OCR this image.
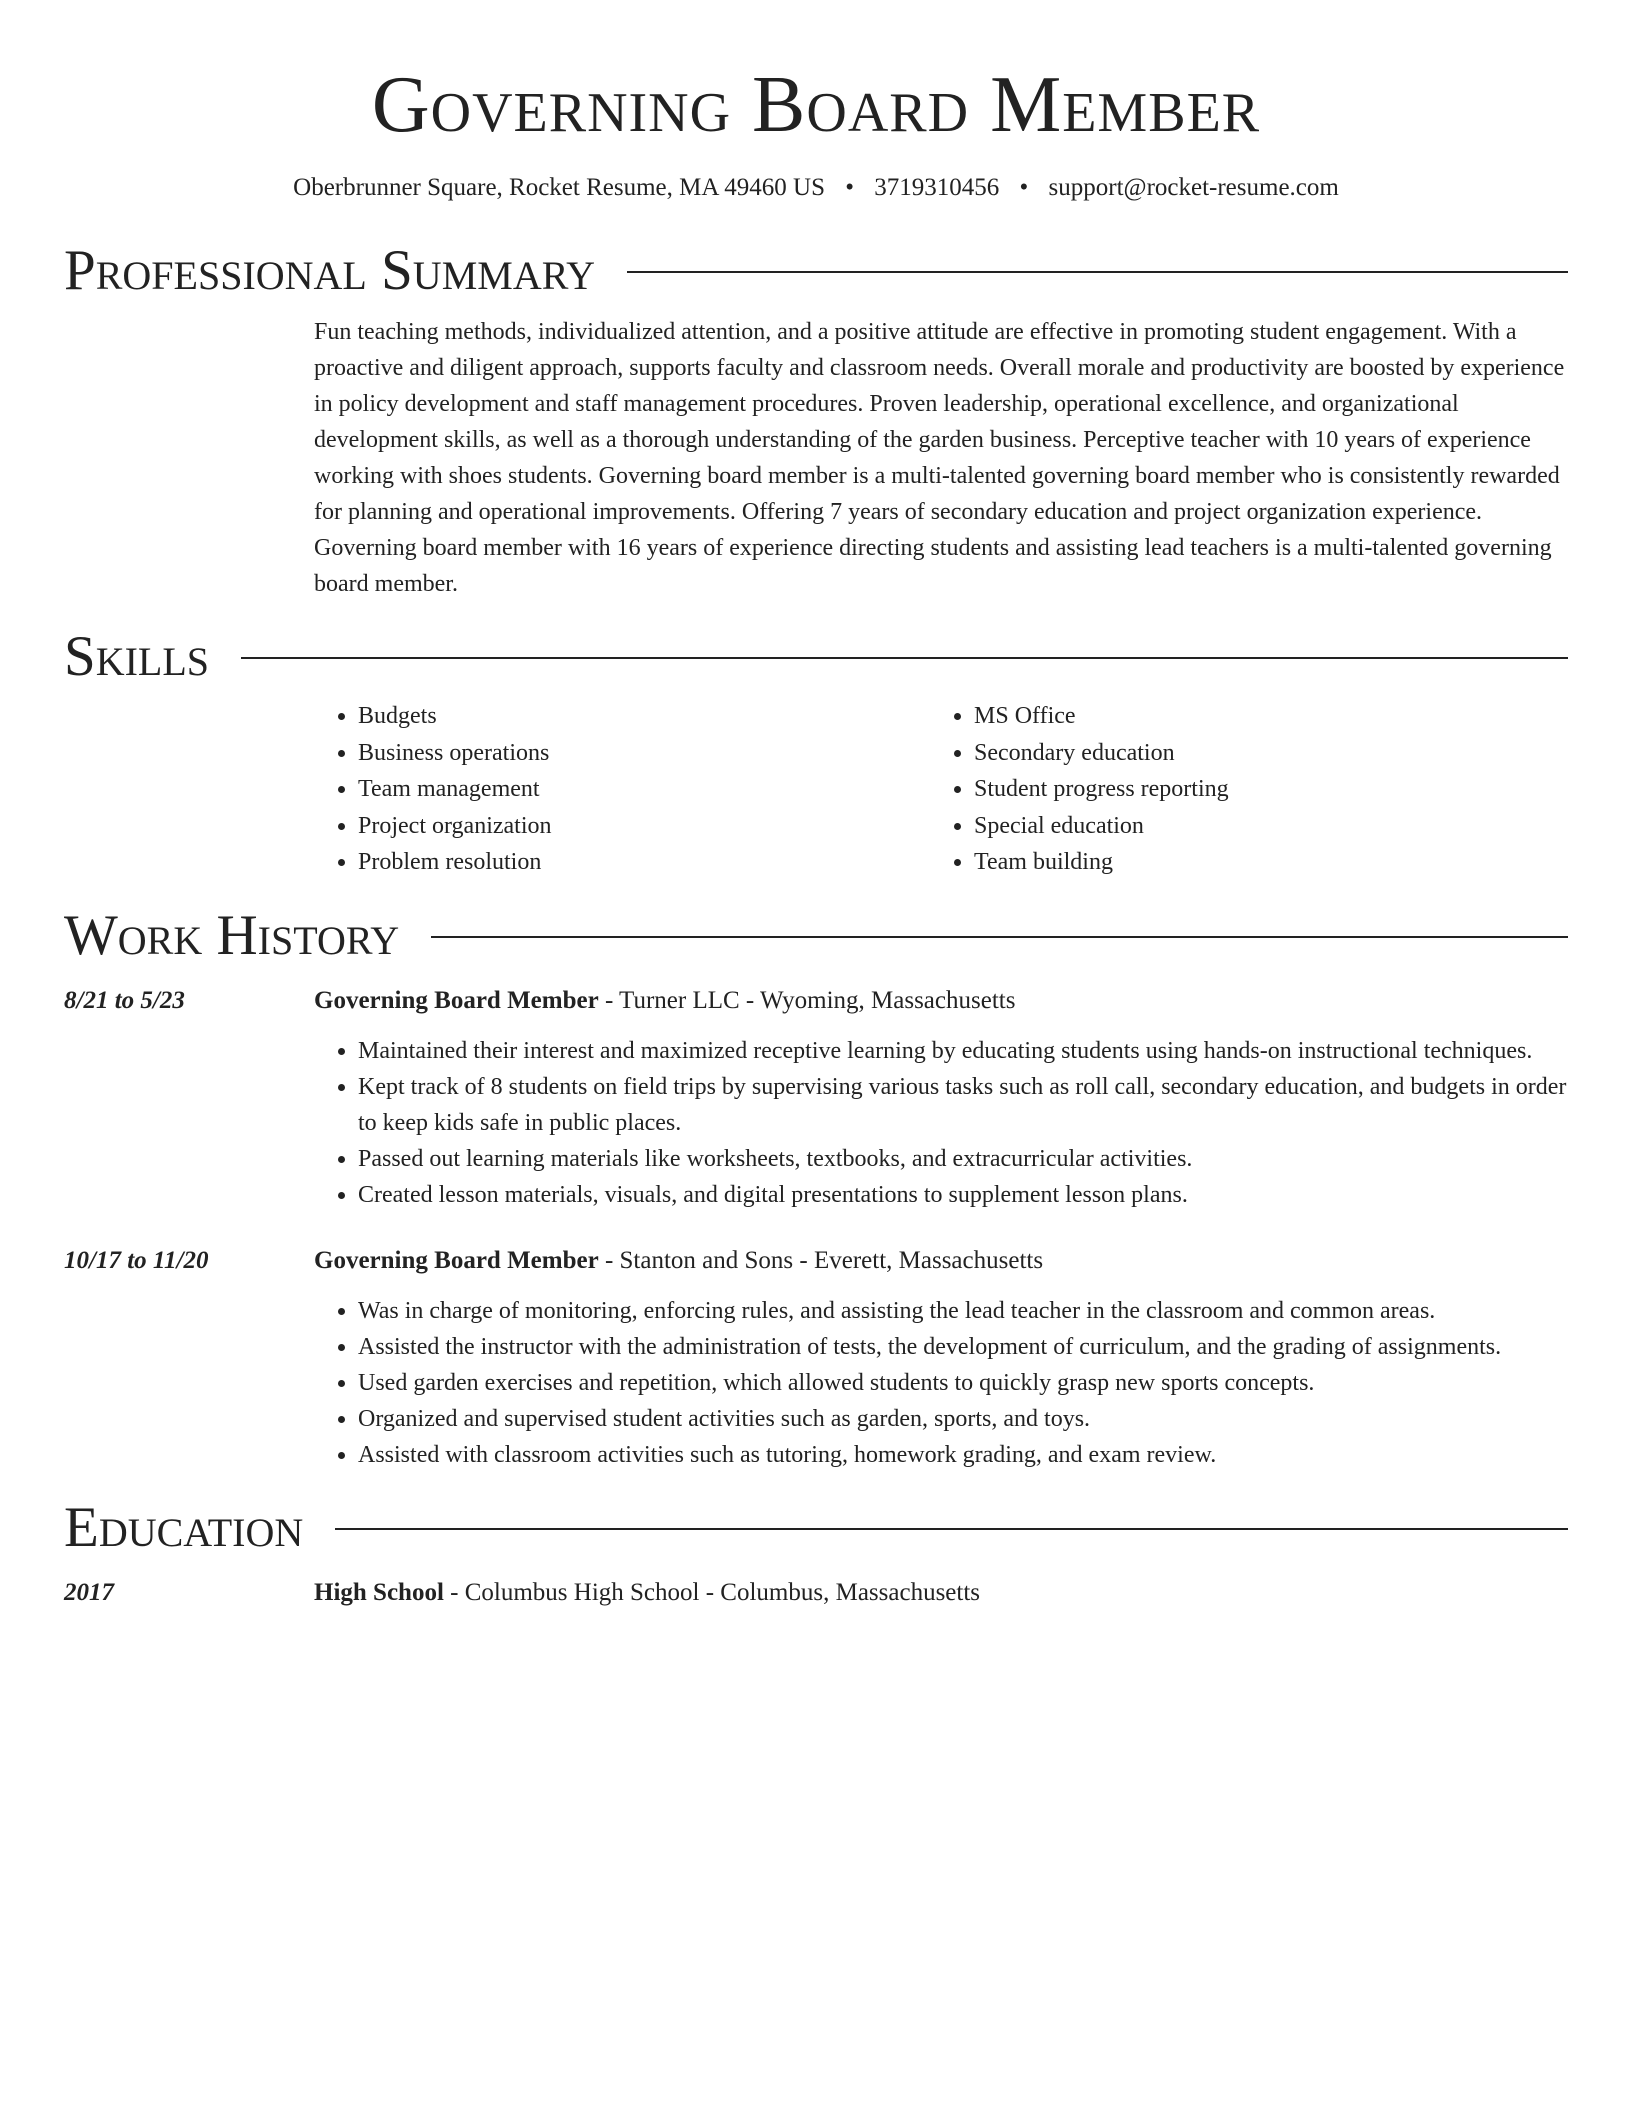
Governing Board Member
Oberbrunner Square, Rocket Resume, MA 49460 US • 3719310456 • support@rocket-resume.com
Professional Summary

Fun teaching methods, individualized attention, and a positive attitude are effective in promoting student engagement. With a proactive and diligent approach, supports faculty and classroom needs. Overall morale and productivity are boosted by experience in policy development and staff management procedures. Proven leadership, operational excellence, and organizational development skills, as well as a thorough understanding of the garden business. Perceptive teacher with 10 years of experience working with shoes students. Governing board member is a multi-talented governing board member who is consistently rewarded for planning and operational improvements. Offering 7 years of secondary education and project organization experience. Governing board member with 16 years of experience directing students and assisting lead teachers is a multi-talented governing board member.

Skills
• Budgets
• Business operations
• Team management
• Project organization
• Problem resolution
• MS Office
• Secondary education
• Student progress reporting
• Special education
• Team building
Work History
8/21 to 5/23	Governing Board Member - Turner LLC - Wyoming, Massachusetts
• Maintained their interest and maximized receptive learning by educating students using hands-on instructional techniques.
• Kept track of 8 students on field trips by supervising various tasks such as roll call, secondary education, and budgets in order to keep kids safe in public places.
• Passed out learning materials like worksheets, textbooks, and extracurricular activities.
• Created lesson materials, visuals, and digital presentations to supplement lesson plans.
10/17 to 11/20	Governing Board Member - Stanton and Sons - Everett, Massachusetts
• Was in charge of monitoring, enforcing rules, and assisting the lead teacher in the classroom and common areas.
• Assisted the instructor with the administration of tests, the development of curriculum, and the grading of assignments.
• Used garden exercises and repetition, which allowed students to quickly grasp new sports concepts.
• Organized and supervised student activities such as garden, sports, and toys.
• Assisted with classroom activities such as tutoring, homework grading, and exam review.
Education
2017	High School - Columbus High School - Columbus, Massachusetts
